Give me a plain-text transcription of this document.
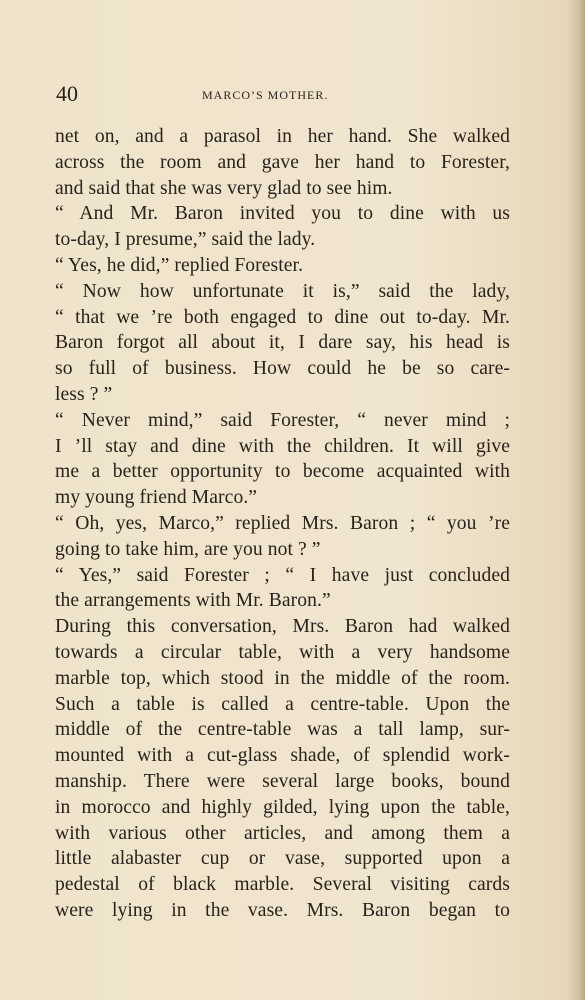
40	MARCO’S MOTHER.
net on, and a parasol in her hand. She walked
across the room and gave her hand to Forester,
and said that she was very glad to see him.
“ And Mr. Baron invited you to dine with us
to-day, I presume,” said the lady.
“ Yes, he did,” replied Forester.
“ Now how unfortunate it is,” said the lady,
“ that we ’re both engaged to dine out to-day. Mr.
Baron forgot all about it, I dare say, his head is
so full of business. How could he be so care-
less ? ”
“ Never mind,” said Forester, “ never mind ;
I ’ll stay and dine with the children. It will give
me a better opportunity to become acquainted with
my young friend Marco.”
“ Oh, yes, Marco,” replied Mrs. Baron ; “ you ’re
going to take him, are you not ? ”
“ Yes,” said Forester ; “ I have just concluded
the arrangements with Mr. Baron.”
During this conversation, Mrs. Baron had walked
towards a circular table, with a very handsome
marble top, which stood in the middle of the room.
Such a table is called a centre-table. Upon the
middle of the centre-table was a tall lamp, sur-
mounted with a cut-glass shade, of splendid work-
manship. There were several large books, bound
in morocco and highly gilded, lying upon the table,
with various other articles, and among them a
little alabaster cup or vase, supported upon a
pedestal of black marble. Several visiting cards
were lying in the vase. Mrs. Baron began to
